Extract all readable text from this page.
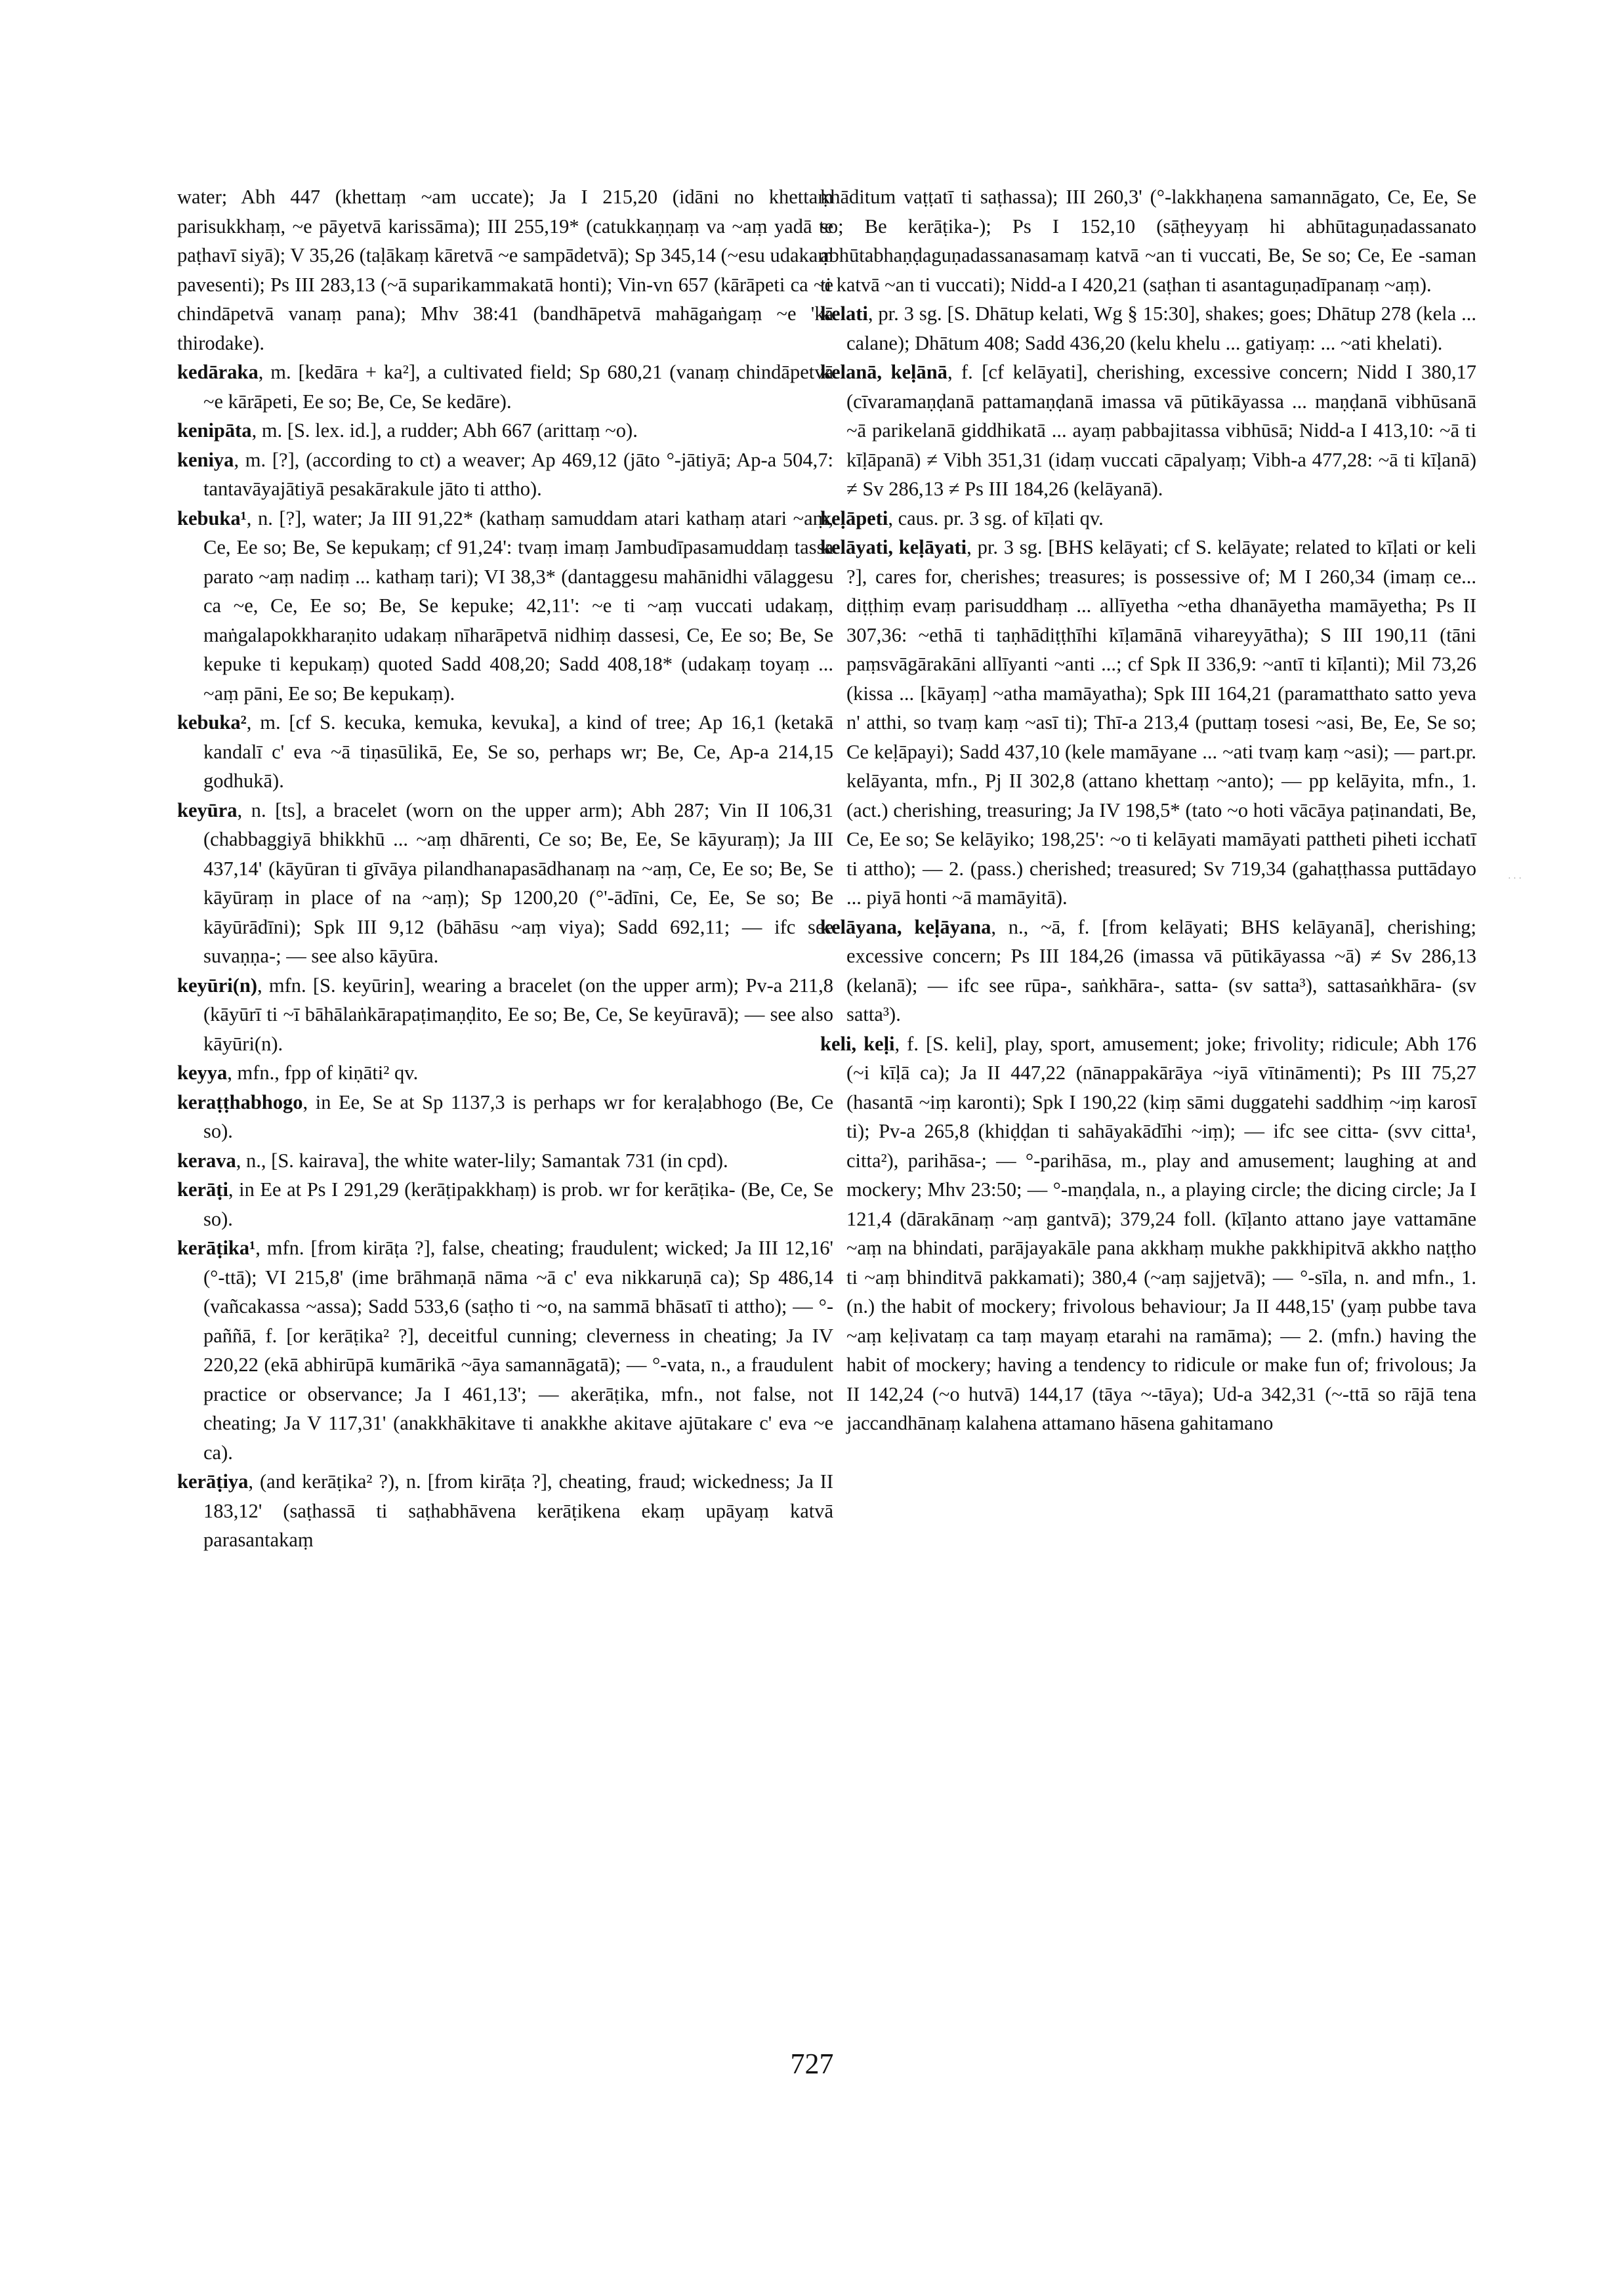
water; Abh 447 (khettaṃ ~am uccate); Ja I 215,20 (idāni no khettaṃ parisukkhaṃ, ~e pāyetvā karissāma); III 255,19* (catukkaṇṇaṃ va ~aṃ yadā te paṭhavī siyā); V 35,26 (taḷākaṃ kāretvā ~e sampādetvā); Sp 345,14 (~esu udakaṃ pavesenti); Ps III 283,13 (~ā suparikammakatā honti); Vin-vn 657 (kārāpeti ca ~e chindāpetvā vanaṃ pana); Mhv 38:41 (bandhāpetvā mahāgaṅgaṃ ~e 'kā thirodake).

kedāraka, m. [kedāra + ka²], a cultivated field; Sp 680,21 (vanaṃ chindāpetvā ~e kārāpeti, Ee so; Be, Ce, Se kedāre).

kenipāta, m. [S. lex. id.], a rudder; Abh 667 (arittaṃ ~o).

keniya, m. [?], (according to ct) a weaver; Ap 469,12 (jāto °-jātiyā; Ap-a 504,7: tantavāyajātiyā pesakārakule jāto ti attho).

kebuka¹, n. [?], water; Ja III 91,22* (kathaṃ samuddam atari kathaṃ atari ~aṃ, Ce, Ee so; Be, Se kepukaṃ; cf 91,24': tvaṃ imaṃ Jambudīpasamuddaṃ tassa parato ~aṃ nadiṃ ... kathaṃ tari); VI 38,3* (dantaggesu mahānidhi vālaggesu ca ~e, Ce, Ee so; Be, Se kepuke; 42,11': ~e ti ~aṃ vuccati udakaṃ, maṅgalapokkharaṇito udakaṃ nīharāpetvā nidhiṃ dassesi, Ce, Ee so; Be, Se kepuke ti kepukaṃ) quoted Sadd 408,20; Sadd 408,18* (udakaṃ toyaṃ ... ~aṃ pāni, Ee so; Be kepukaṃ).

kebuka², m. [cf S. kecuka, kemuka, kevuka], a kind of tree; Ap 16,1 (ketakā kandalī c' eva ~ā tiṇasūlikā, Ee, Se so, perhaps wr; Be, Ce, Ap-a 214,15 godhukā).

keyūra, n. [ts], a bracelet (worn on the upper arm); Abh 287; Vin II 106,31 (chabbaggiyā bhikkhū ... ~aṃ dhārenti, Ce so; Be, Ee, Se kāyuraṃ); Ja III 437,14' (kāyūran ti gīvāya pilandhanapasādhanaṃ na ~aṃ, Ce, Ee so; Be, Se kāyūraṃ in place of na ~aṃ); Sp 1200,20 (°'-ādīni, Ce, Ee, Se so; Be kāyūrādīni); Spk III 9,12 (bāhāsu ~aṃ viya); Sadd 692,11; — ifc see suvaṇṇa-; — see also kāyūra.

keyūri(n), mfn. [S. keyūrin], wearing a bracelet (on the upper arm); Pv-a 211,8 (kāyūrī ti ~ī bāhālaṅkārapaṭimaṇḍito, Ee so; Be, Ce, Se keyūravā); — see also kāyūri(n).

keyya, mfn., fpp of kiṇāti² qv.

keraṭṭhabhogo, in Ee, Se at Sp 1137,3 is perhaps wr for keraḷabhogo (Be, Ce so).

kerava, n., [S. kairava], the white water-lily; Samantak 731 (in cpd).

kerāṭi, in Ee at Ps I 291,29 (kerāṭipakkhaṃ) is prob. wr for kerāṭika- (Be, Ce, Se so).

kerāṭika¹, mfn. [from kirāṭa ?], false, cheating; fraudulent; wicked; Ja III 12,16' (°-ttā); VI 215,8' (ime brāhmaṇā nāma ~ā c' eva nikkaruṇā ca); Sp 486,14 (vañcakassa ~assa); Sadd 533,6 (saṭho ti ~o, na sammā bhāsatī ti attho); — °-paññā, f. [or kerāṭika² ?], deceitful cunning; cleverness in cheating; Ja IV 220,22 (ekā abhirūpā kumārikā ~āya samannāgatā); — °-vata, n., a fraudulent practice or observance; Ja I 461,13'; — akerāṭika, mfn., not false, not cheating; Ja V 117,31' (anakkhākitave ti anakkhe akitave ajūtakare c' eva ~e ca).

kerāṭiya, (and kerāṭika² ?), n. [from kirāṭa ?], cheating, fraud; wickedness; Ja II 183,12' (saṭhassā ti saṭhabhāvena kerāṭikena ekaṃ upāyaṃ katvā parasantakaṃ

khāditum vaṭṭatī ti saṭhassa); III 260,3' (°-lakkhaṇena samannāgato, Ce, Ee, Se so; Be kerāṭika-); Ps I 152,10 (sāṭheyyaṃ hi abhūtaguṇadassanato abhūtabhaṇḍaguṇadassanasamaṃ katvā ~an ti vuccati, Be, Se so; Ce, Ee -saman ti katvā ~an ti vuccati); Nidd-a I 420,21 (saṭhan ti asantaguṇadīpanaṃ ~aṃ).

kelati, pr. 3 sg. [S. Dhātup kelati, Wg § 15:30], shakes; goes; Dhātup 278 (kela ... calane); Dhātum 408; Sadd 436,20 (kelu khelu ... gatiyaṃ: ... ~ati khelati).

kelanā, keḷānā, f. [cf kelāyati], cherishing, excessive concern; Nidd I 380,17 (cīvaramaṇḍanā pattamaṇḍanā imassa vā pūtikāyassa ... maṇḍanā vibhūsanā ~ā parikelanā giddhikatā ... ayaṃ pabbajitassa vibhūsā; Nidd-a I 413,10: ~ā ti kīḷāpanā) ≠ Vibh 351,31 (idaṃ vuccati cāpalyaṃ; Vibh-a 477,28: ~ā ti kīḷanā) ≠ Sv 286,13 ≠ Ps III 184,26 (kelāyanā).

keḷāpeti, caus. pr. 3 sg. of kīḷati qv.

kelāyati, keḷāyati, pr. 3 sg. [BHS kelāyati; cf S. kelāyate; related to kīḷati or keli ?], cares for, cherishes; treasures; is possessive of; M I 260,34 (imaṃ ce... diṭṭhiṃ evaṃ parisuddhaṃ ... allīyetha ~etha dhanāyetha mamāyetha; Ps II 307,36: ~ethā ti taṇhādiṭṭhīhi kīḷamānā vihareyyātha); S III 190,11 (tāni paṃsvāgārakāni allīyanti ~anti ...; cf Spk II 336,9: ~antī ti kīḷanti); Mil 73,26 (kissa ... [kāyaṃ] ~atha mamāyatha); Spk III 164,21 (paramatthato satto yeva n' atthi, so tvaṃ kaṃ ~asī ti); Thī-a 213,4 (puttaṃ tosesi ~asi, Be, Ee, Se so; Ce keḷāpayi); Sadd 437,10 (kele mamāyane ... ~ati tvaṃ kaṃ ~asi); — part.pr. kelāyanta, mfn., Pj II 302,8 (attano khettaṃ ~anto); — pp kelāyita, mfn., 1. (act.) cherishing, treasuring; Ja IV 198,5* (tato ~o hoti vācāya paṭinandati, Be, Ce, Ee so; Se kelāyiko; 198,25': ~o ti kelāyati mamāyati pattheti piheti icchatī ti attho); — 2. (pass.) cherished; treasured; Sv 719,34 (gahaṭṭhassa puttādayo ... piyā honti ~ā mamāyitā).

kelāyana, keḷāyana, n., ~ā, f. [from kelāyati; BHS kelāyanā], cherishing; excessive concern; Ps III 184,26 (imassa vā pūtikāyassa ~ā) ≠ Sv 286,13 (kelanā); — ifc see rūpa-, saṅkhāra-, satta- (sv satta³), sattasaṅkhāra- (sv satta³).

keli, keḷi, f. [S. keli], play, sport, amusement; joke; frivolity; ridicule; Abh 176 (~i kīḷā ca); Ja II 447,22 (nānappakārāya ~iyā vītināmenti); Ps III 75,27 (hasantā ~iṃ karonti); Spk I 190,22 (kiṃ sāmi duggatehi saddhiṃ ~iṃ karosī ti); Pv-a 265,8 (khiḍḍan ti sahāyakādīhi ~iṃ); — ifc see citta- (svv citta¹, citta²), parihāsa-; — °-parihāsa, m., play and amusement; laughing at and mockery; Mhv 23:50; — °-maṇḍala, n., a playing circle; the dicing circle; Ja I 121,4 (dārakānaṃ ~aṃ gantvā); 379,24 foll. (kīḷanto attano jaye vattamāne ~aṃ na bhindati, parājayakāle pana akkhaṃ mukhe pakkhipitvā akkho naṭṭho ti ~aṃ bhinditvā pakkamati); 380,4 (~aṃ sajjetvā); — °-sīla, n. and mfn., 1. (n.) the habit of mockery; frivolous behaviour; Ja II 448,15' (yaṃ pubbe tava ~aṃ keḷivataṃ ca taṃ mayaṃ etarahi na ramāma); — 2. (mfn.) having the habit of mockery; having a tendency to ridicule or make fun of; frivolous; Ja II 142,24 (~o hutvā) 144,17 (tāya ~-tāya); Ud-a 342,31 (~-ttā so rājā tena jaccandhānaṃ kalahena attamano hāsena gahitamano

727
· · ·
